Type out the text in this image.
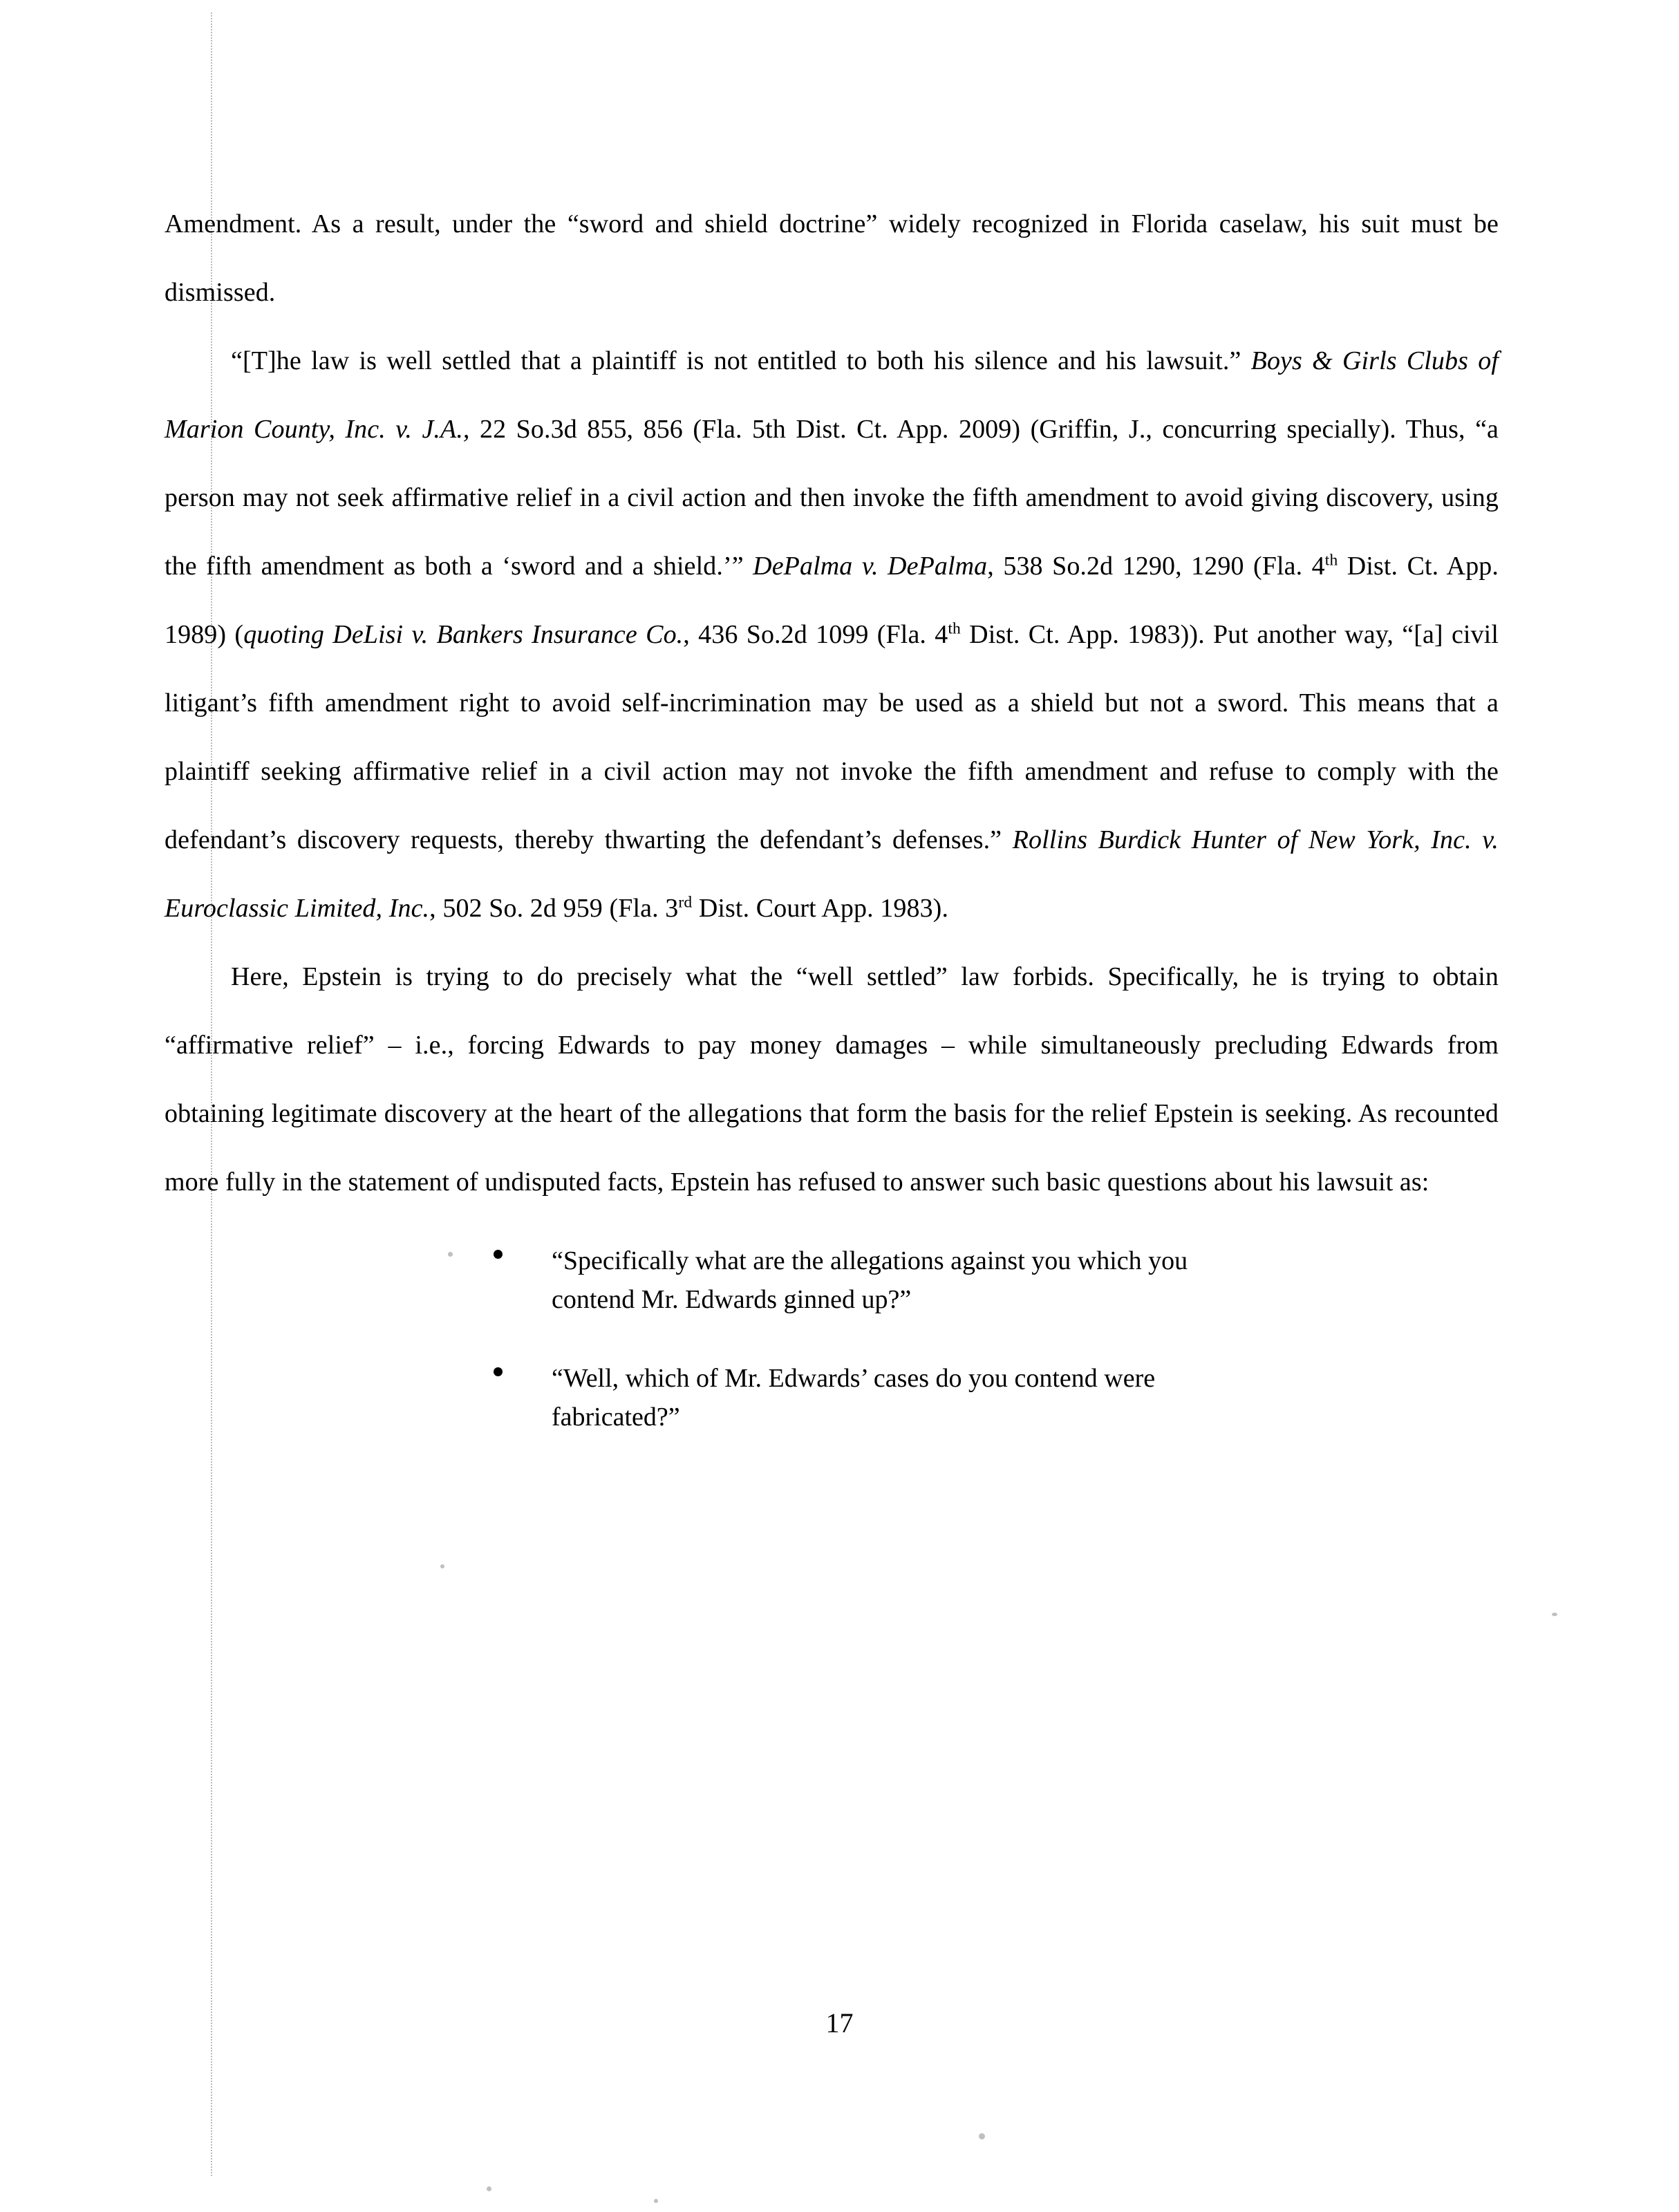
Amendment. As a result, under the “sword and shield doctrine” widely recognized in Florida caselaw, his suit must be dismissed.

“[T]he law is well settled that a plaintiff is not entitled to both his silence and his lawsuit.” Boys & Girls Clubs of Marion County, Inc. v. J.A., 22 So.3d 855, 856 (Fla. 5th Dist. Ct. App. 2009) (Griffin, J., concurring specially). Thus, “a person may not seek affirmative relief in a civil action and then invoke the fifth amendment to avoid giving discovery, using the fifth amendment as both a ‘sword and a shield.’” DePalma v. DePalma, 538 So.2d 1290, 1290 (Fla. 4th Dist. Ct. App. 1989) (quoting DeLisi v. Bankers Insurance Co., 436 So.2d 1099 (Fla. 4th Dist. Ct. App. 1983)). Put another way, “[a] civil litigant’s fifth amendment right to avoid self-incrimination may be used as a shield but not a sword. This means that a plaintiff seeking affirmative relief in a civil action may not invoke the fifth amendment and refuse to comply with the defendant’s discovery requests, thereby thwarting the defendant’s defenses.” Rollins Burdick Hunter of New York, Inc. v. Euroclassic Limited, Inc., 502 So. 2d 959 (Fla. 3rd Dist. Court App. 1983).

Here, Epstein is trying to do precisely what the “well settled” law forbids. Specifically, he is trying to obtain “affirmative relief” – i.e., forcing Edwards to pay money damages – while simultaneously precluding Edwards from obtaining legitimate discovery at the heart of the allegations that form the basis for the relief Epstein is seeking. As recounted more fully in the statement of undisputed facts, Epstein has refused to answer such basic questions about his lawsuit as:

“Specifically what are the allegations against you which you contend Mr. Edwards ginned up?”
“Well, which of Mr. Edwards’ cases do you contend were fabricated?”
17
